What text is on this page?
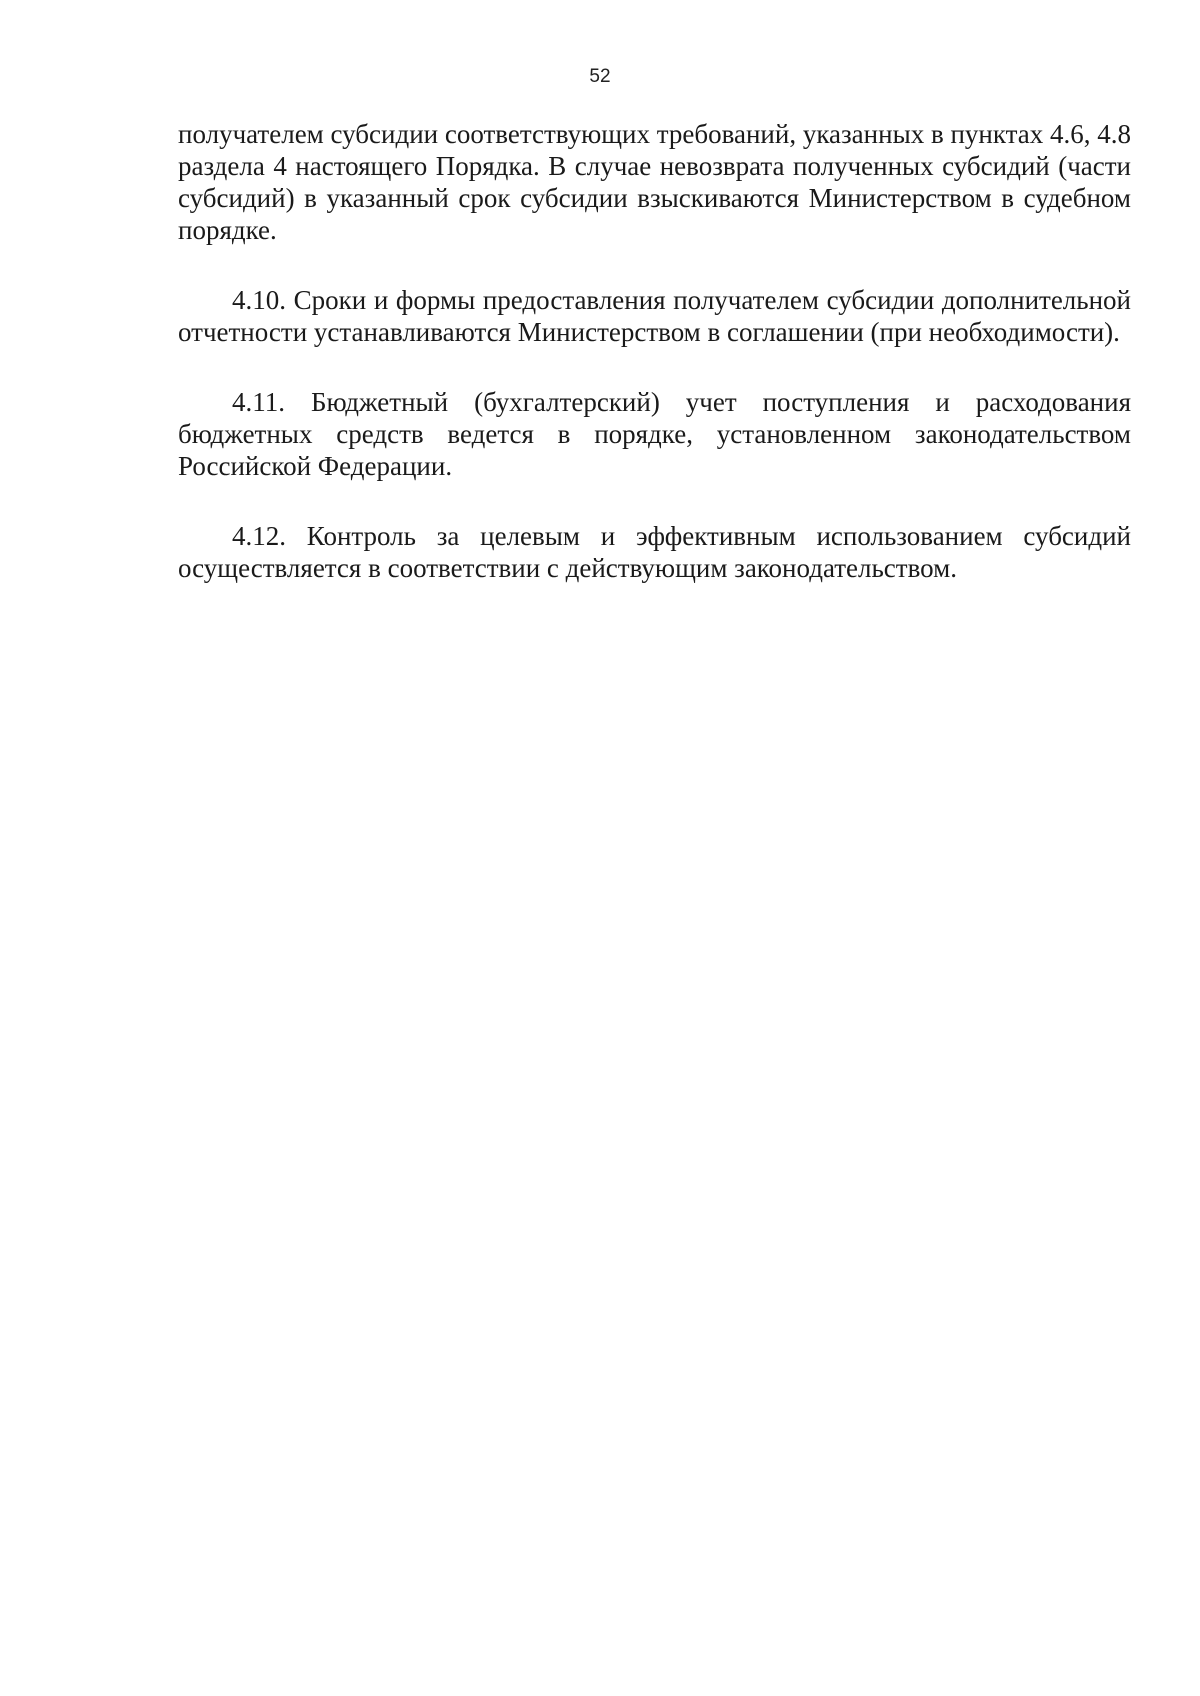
52

получателем субсидии соответствующих требований, указанных в пунктах 4.6, 4.8 раздела 4 настоящего Порядка. В случае невозврата полученных субсидий (части субсидий) в указанный срок субсидии взыскиваются Министерством в судебном порядке.

4.10. Сроки и формы предоставления получателем субсидии дополнительной отчетности устанавливаются Министерством в соглашении (при необходимости).

4.11. Бюджетный (бухгалтерский) учет поступления и расходования бюджетных средств ведется в порядке, установленном законодательством Российской Федерации.

4.12. Контроль за целевым и эффективным использованием субсидий осуществляется в соответствии с действующим законодательством.
